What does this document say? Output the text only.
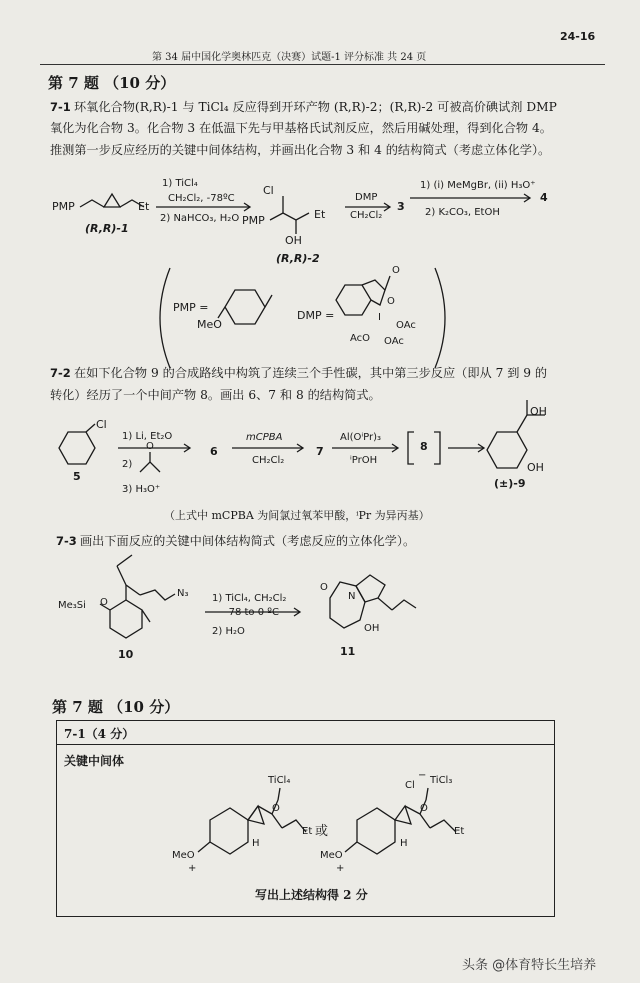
24-16
第 34 届中国化学奥林匹克（决赛）试题-1 评分标准 共 24 页
第 7 题 （10 分）
7-1 环氧化合物(R,R)-1 与 TiCl₄ 反应得到开环产物 (R,R)-2；(R,R)-2 可被高价碘试剂 DMP
氧化为化合物 3。化合物 3 在低温下先与甲基格氏试剂反应，然后用碱处理，得到化合物 4。
推测第一步反应经历的关键中间体结构，并画出化合物 3 和 4 的结构简式（考虑立体化学）。
PMP	Et
(R,R)-1
1) TiCl₄
CH₂Cl₂, -78ºC
2) NaHCO₃, H₂O
Cl
PMP	Et
OH
(R,R)-2
DMP
CH₂Cl₂
3
1) (i) MeMgBr, (ii) H₃O⁺
2) K₂CO₃, EtOH
4
PMP =
MeO
DMP =
O
O
I
OAc
AcO OAc
7-2 在如下化合物 9 的合成路线中构筑了连续三个手性碳，其中第三步反应（即从 7 到 9 的
转化）经历了一个中间产物 8。画出 6、7 和 8 的结构简式。
Cl
5
1) Li, Et₂O
2)
O
3) H₃O⁺
6
mCPBA
CH₂Cl₂
7
Al(OⁱPr)₃
ⁱPrOH
8
OH
OH
(±)-9
（上式中 mCPBA 为间氯过氧苯甲酸，ⁱPr 为异丙基）
7-3 画出下面反应的关键中间体结构简式（考虑反应的立体化学）。
Me₃Si O
N₃
10
1) TiCl₄, CH₂Cl₂
-78 to 0 ºC
2) H₂O
O
N
OH
11
第 7 题 （10 分）
7-1（4 分）
关键中间体
TiCl₄
O
H
Et
MeO
+
或
Cl
− TiCl₃
O
H
Et
MeO
+
写出上述结构得 2 分
头条 @体育特长生培养
